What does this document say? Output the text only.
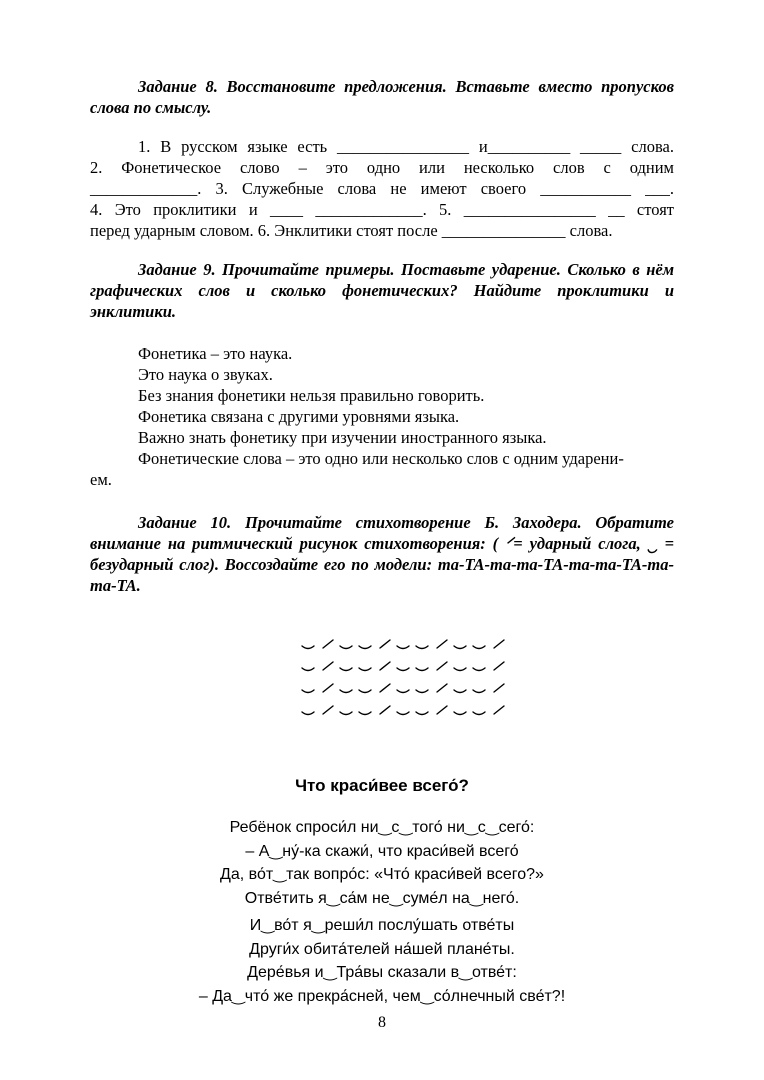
Задание 8. Восстановите предложения. Вставьте вместо пропусков слова по смыслу.
1. В русском языке есть ________________ и__________ _____ слова.
2. Фонетическое слово – это одно или несколько слов с одним
_____________. 3. Служебные слова не имеют своего ___________ ___.
4. Это проклитики и ____ _____________. 5. ________________ __ стоят
перед ударным словом. 6. Энклитики стоят после _______________ слова.
Задание 9. Прочитайте примеры. Поставьте ударение. Сколько в нём графических слов и сколько фонетических? Найдите проклитики и энклитики.
Фонетика – это наука.
Это наука о звуках.
Без знания фонетики нельзя правильно говорить.
Фонетика связана с другими уровнями языка.
Важно знать фонетику при изучении иностранного языка.
Фонетические слова – это одно или несколько слов с одним ударени-
ем.
Задание 10. Прочитайте стихотворение Б. Заходера. Обратите внимание на ритмический рисунок стихотворения: ( ⸍= ударный слога, ‿ = безударный слог). Воссоздайте его по модели: та-ТА-та-та-ТА-та-та-ТА-та-та-ТА.
Что краси́вее всего́?
Ребёнок спроси́л ни‿с‿того́ ни‿с‿сего́:
– А‿ну́-ка скажи́, что краси́вей всего́
Да, во́т‿так вопро́с: «Что́ краси́вей всего?»
Отве́тить я‿са́м не‿суме́л на‿него́.
И‿во́т я‿реши́л послу́шать отве́ты
Други́х обита́телей на́шей плане́ты.
Дере́вья и‿Тра́вы сказали в‿отве́т:
– Да‿что́ же прекра́сней, чем‿со́лнечный све́т?!
8
